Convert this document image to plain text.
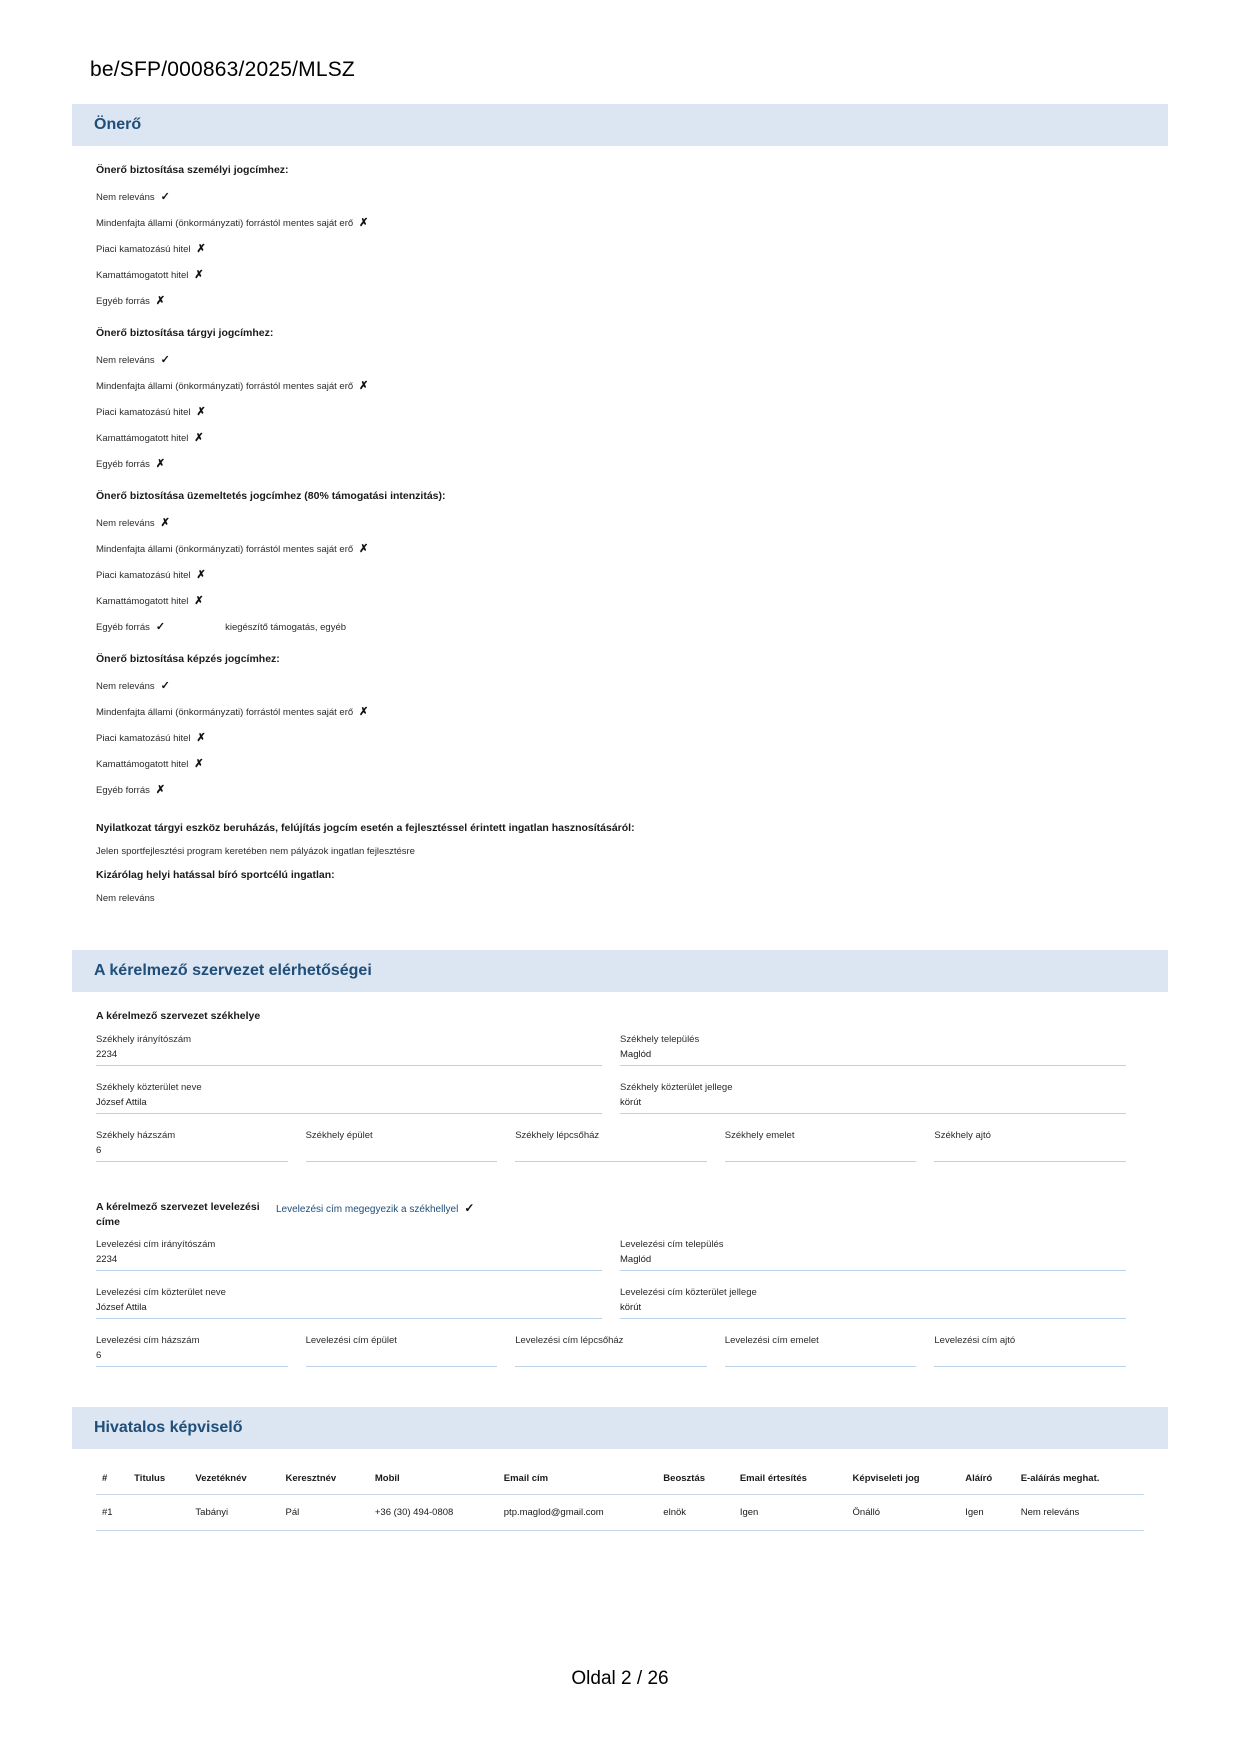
be/SFP/000863/2025/MLSZ
Önerő
Önerő biztosítása személyi jogcímhez:
Nem releváns ✓
Mindenfajta állami (önkormányzati) forrástól mentes saját erő ✗
Piaci kamatozású hitel ✗
Kamattámogatott hitel ✗
Egyéb forrás ✗
Önerő biztosítása tárgyi jogcímhez:
Nem releváns ✓
Mindenfajta állami (önkormányzati) forrástól mentes saját erő ✗
Piaci kamatozású hitel ✗
Kamattámogatott hitel ✗
Egyéb forrás ✗
Önerő biztosítása üzemeltetés jogcímhez (80% támogatási intenzitás):
Nem releváns ✗
Mindenfajta állami (önkormányzati) forrástól mentes saját erő ✗
Piaci kamatozású hitel ✗
Kamattámogatott hitel ✗
Egyéb forrás ✓	kiegészítő támogatás, egyéb
Önerő biztosítása képzés jogcímhez:
Nem releváns ✓
Mindenfajta állami (önkormányzati) forrástól mentes saját erő ✗
Piaci kamatozású hitel ✗
Kamattámogatott hitel ✗
Egyéb forrás ✗
Nyilatkozat tárgyi eszköz beruházás, felújítás jogcím esetén a fejlesztéssel érintett ingatlan hasznosításáról:
Jelen sportfejlesztési program keretében nem pályázok ingatlan fejlesztésre
Kizárólag helyi hatással bíró sportcélú ingatlan:
Nem releváns
A kérelmező szervezet elérhetőségei
A kérelmező szervezet székhelye
Székhely irányítószám
2234
Székhely település
Maglód
Székhely közterület neve
József Attila
Székhely közterület jellege
körút
Székhely házszám
6
Székhely épület	Székhely lépcsőház	Székhely emelet	Székhely ajtó
A kérelmező szervezet levelezési címe
Levelezési cím megegyezik a székhellyel ✓
Levelezési cím irányítószám
2234
Levelezési cím település
Maglód
Levelezési cím közterület neve
József Attila
Levelezési cím közterület jellege
körút
Levelezési cím házszám
6
Levelezési cím épület	Levelezési cím lépcsőház	Levelezési cím emelet	Levelezési cím ajtó
Hivatalos képviselő
#	Titulus	Vezetéknév	Keresztnév	Mobil	Email cím	Beosztás	Email értesítés	Képviseleti jog	Aláíró	E-aláírás meghat.
#1		Tabányi	Pál	+36 (30) 494-0808	ptp.maglod@gmail.com	elnök	Igen	Önálló	Igen	Nem releváns
Oldal 2 / 26
